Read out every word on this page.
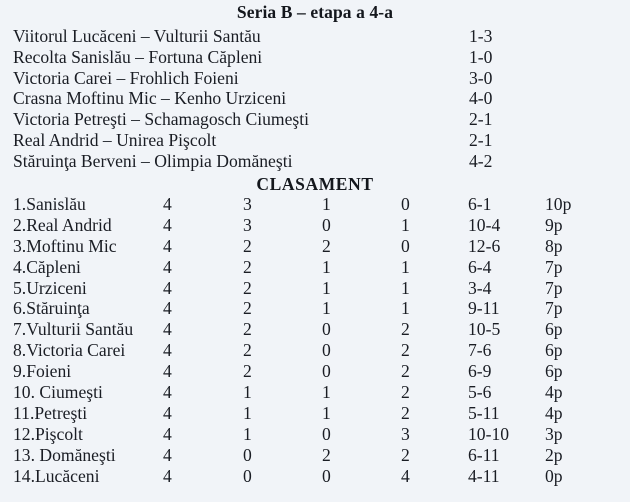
Seria B – etapa a 4-a
Viitorul Lucăceni – Vulturii Santău	1-3
Recolta Sanislău – Fortuna Căpleni	1-0
Victoria Carei – Frohlich Foieni	3-0
Crasna Moftinu Mic – Kenho Urziceni	4-0
Victoria Petreşti – Schamagosch Ciumeşti	2-1
Real Andrid – Unirea Pişcolt	2-1
Stăruinţa Berveni – Olimpia Domăneşti	4-2
CLASAMENT
1.Sanislău	4	3	1	0	6-1	10p
2.Real Andrid	4	3	0	1	10-4	9p
3.Moftinu Mic	4	2	2	0	12-6	8p
4.Căpleni	4	2	1	1	6-4	7p
5.Urziceni	4	2	1	1	3-4	7p
6.Stăruinţa	4	2	1	1	9-11	7p
7.Vulturii Santău 4	2	0	2	10-5	6p
8.Victoria Carei 4	2	0	2	7-6	6p
9.Foieni	4	2	0	2	6-9	6p
10. Ciumeşti	4	1	1	2	5-6	4p
11.Petreşti	4	1	1	2	5-11	4p
12.Pişcolt	4	1	0	3	10-10 3p
13. Domăneşti	4	0	2	2	6-11	2p
14.Lucăceni	4	0	0	4	4-11	0p
